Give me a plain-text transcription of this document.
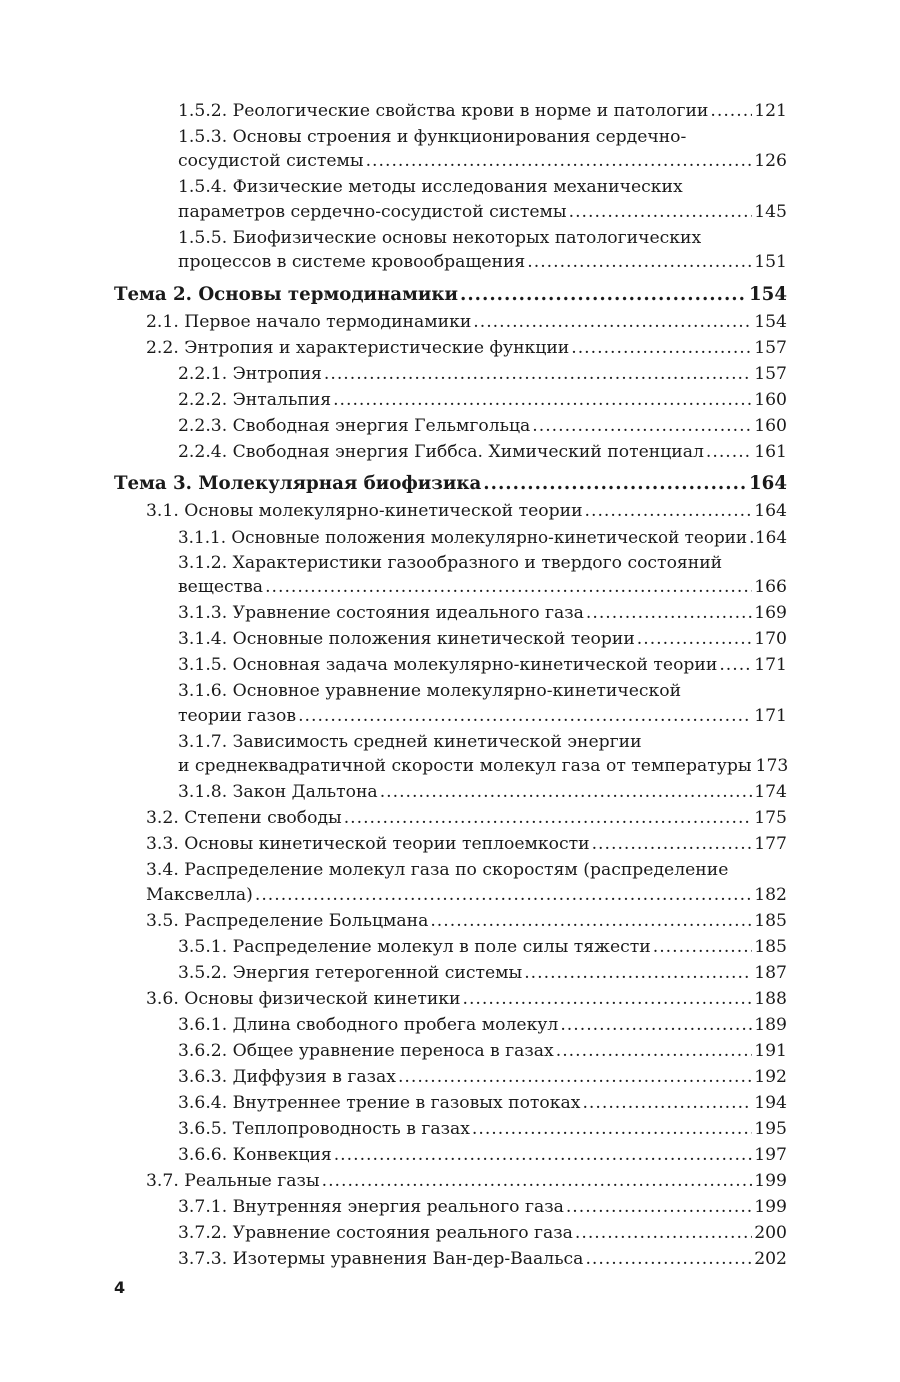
1.5.2. Реологические свойства крови в норме и патологии .....	121
1.5.3. Основы строения и функционирования сердечно-
сосудистой системы .....	126
1.5.4. Физические методы исследования механических
параметров сердечно-сосудистой системы .....	145
1.5.5. Биофизические основы некоторых патологических
процессов в системе кровообращения .....	151
Тема 2. Основы термодинамики .....	154
2.1. Первое начало термодинамики .....	154
2.2. Энтропия и характеристические функции .....	157
2.2.1. Энтропия .....	157
2.2.2. Энтальпия .....	160
2.2.3. Свободная энергия Гельмгольца .....	160
2.2.4. Свободная энергия Гиббса. Химический потенциал .....	161
Тема 3. Молекулярная биофизика .....	164
3.1. Основы молекулярно-кинетической теории .....	164
3.1.1. Основные положения молекулярно-кинетической теории ..... 164
3.1.2. Характеристики газообразного и твердого состояний
вещества .....	166
3.1.3. Уравнение состояния идеального газа .....	169
3.1.4. Основные положения кинетической теории .....	170
3.1.5. Основная задача молекулярно-кинетической теории ..... 171
3.1.6. Основное уравнение молекулярно-кинетической
теории газов .....	171
3.1.7. Зависимость средней кинетической энергии
и среднеквадратичной скорости молекул газа от температуры 173
3.1.8. Закон Дальтона .....	174
3.2. Степени свободы .....	175
3.3. Основы кинетической теории теплоемкости .....	177
3.4. Распределение молекул газа по скоростям (распределение
Максвелла) .....	182
3.5. Распределение Больцмана .....	185
3.5.1. Распределение молекул в поле силы тяжести .....	185
3.5.2. Энергия гетерогенной системы .....	187
3.6. Основы физической кинетики .....	188
3.6.1. Длина свободного пробега молекул .....	189
3.6.2. Общее уравнение переноса в газах .....	191
3.6.3. Диффузия в газах .....	192
3.6.4. Внутреннее трение в газовых потоках .....	194
3.6.5. Теплопроводность в газах .....	195
3.6.6. Конвекция .....	197
3.7. Реальные газы .....	199
3.7.1. Внутренняя энергия реального газа .....	199
3.7.2. Уравнение состояния реального газа .....	200
3.7.3. Изотермы уравнения Ван-дер-Ваальса .....	202
4
